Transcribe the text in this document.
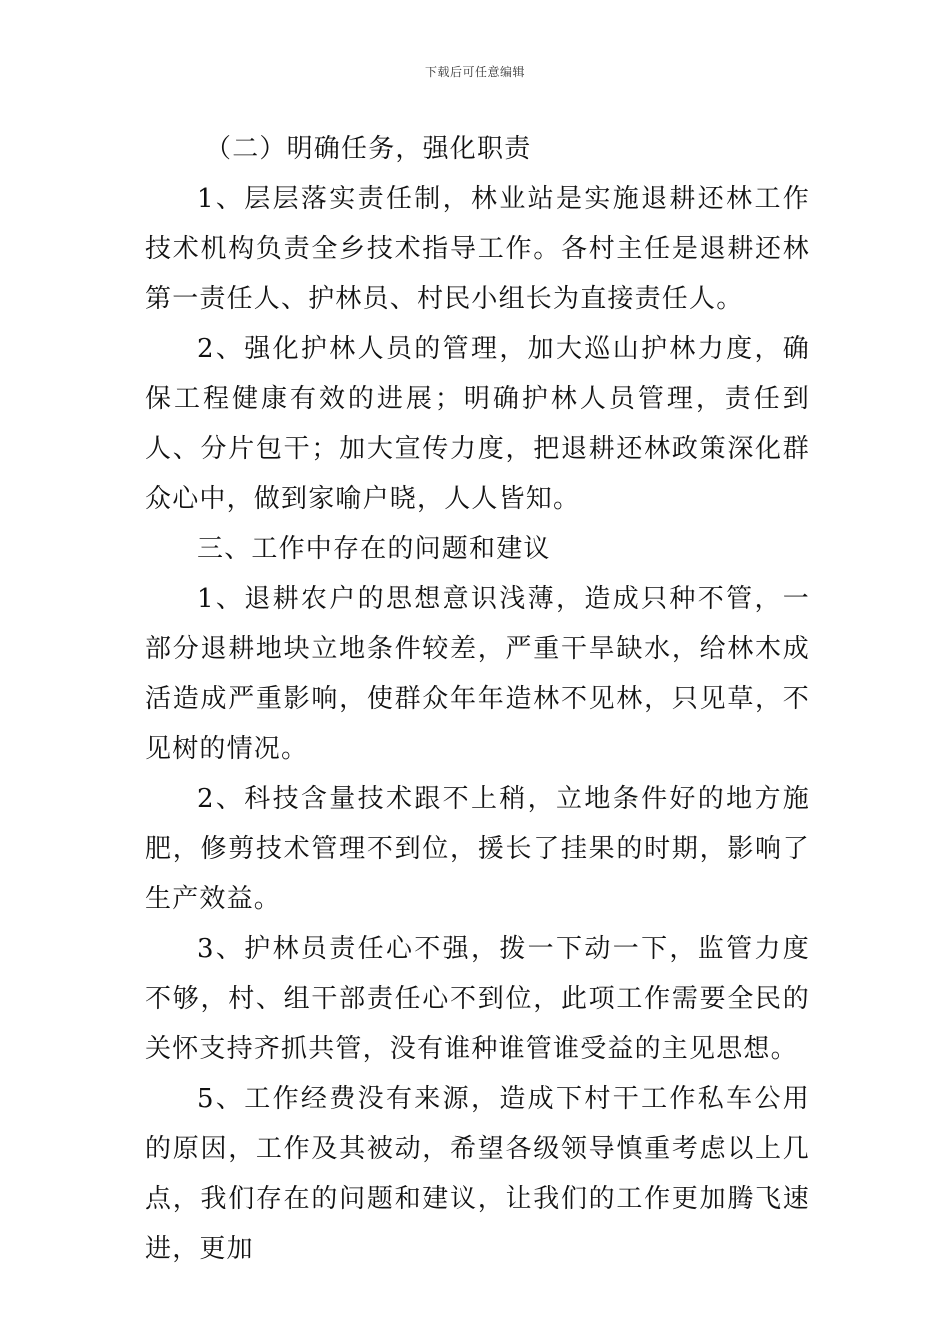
下载后可任意编辑

（二）明确任务，强化职责

1、层层落实责任制，林业站是实施退耕还林工作技术机构负责全乡技术指导工作。各村主任是退耕还林第一责任人、护林员、村民小组长为直接责任人。

2、强化护林人员的管理，加大巡山护林力度，确保工程健康有效的进展；明确护林人员管理，责任到人、分片包干；加大宣传力度，把退耕还林政策深化群众心中，做到家喻户晓，人人皆知。

三、工作中存在的问题和建议

1、退耕农户的思想意识浅薄，造成只种不管，一部分退耕地块立地条件较差，严重干旱缺水，给林木成活造成严重影响，使群众年年造林不见林，只见草，不见树的情况。

2、科技含量技术跟不上稍，立地条件好的地方施肥，修剪技术管理不到位，援长了挂果的时期，影响了生产效益。

3、护林员责任心不强，拨一下动一下，监管力度不够，村、组干部责任心不到位，此项工作需要全民的关怀支持齐抓共管，没有谁种谁管谁受益的主见思想。

5、工作经费没有来源，造成下村干工作私车公用的原因，工作及其被动，希望各级领导慎重考虑以上几点，我们存在的问题和建议，让我们的工作更加腾飞速进，更加
